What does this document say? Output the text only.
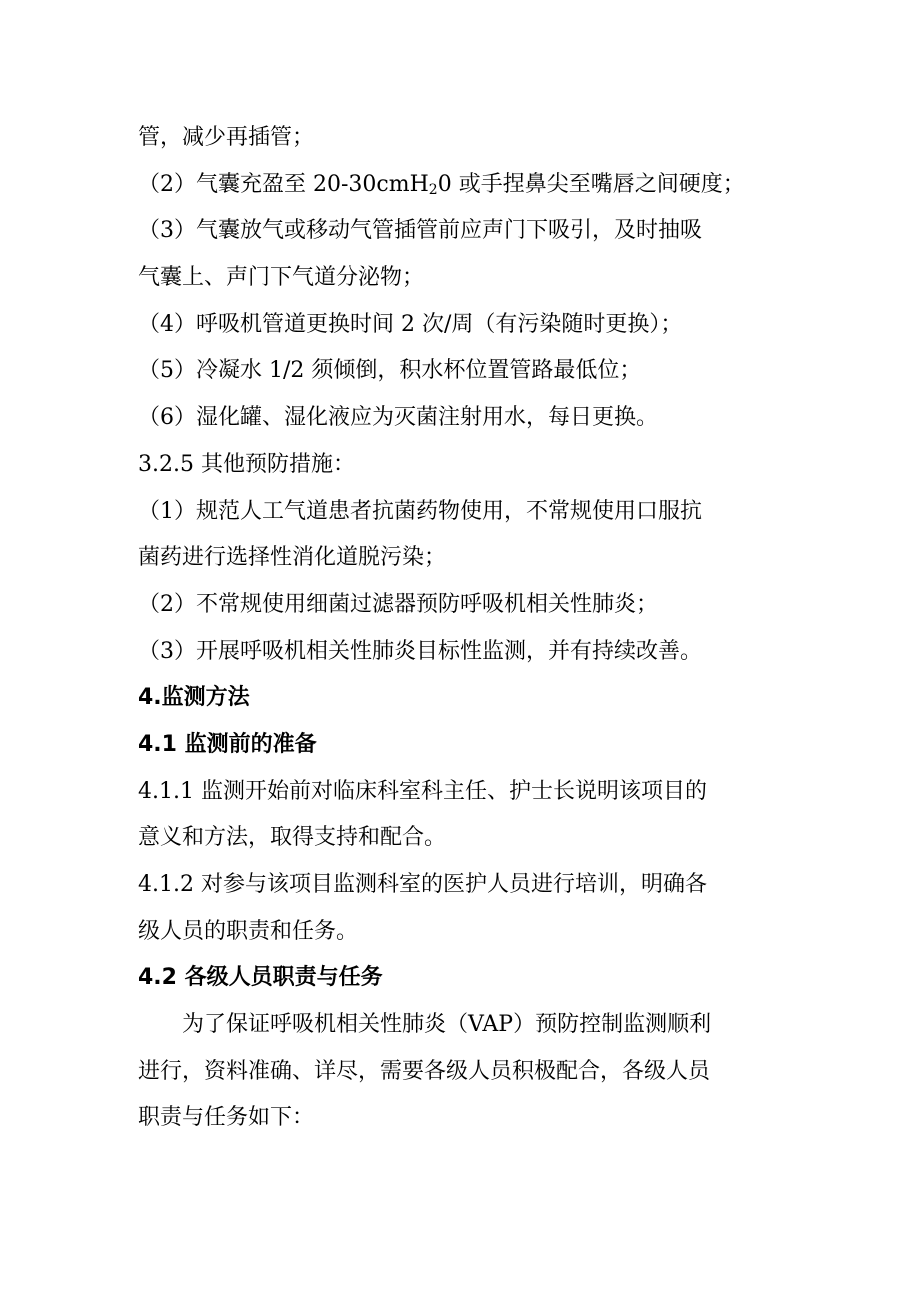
管，减少再插管；
（2）气囊充盈至 20-30cmH$_2$0 或手捏鼻尖至嘴唇之间硬度；
（3）气囊放气或移动气管插管前应声门下吸引，及时抽吸
气囊上、声门下气道分泌物；
（4）呼吸机管道更换时间 2 次/周（有污染随时更换）；
（5）冷凝水 1/2 须倾倒，积水杯位置管路最低位；
（6）湿化罐、湿化液应为灭菌注射用水，每日更换。
3.2.5 其他预防措施：
（1）规范人工气道患者抗菌药物使用，不常规使用口服抗
菌药进行选择性消化道脱污染；
（2）不常规使用细菌过滤器预防呼吸机相关性肺炎；
（3）开展呼吸机相关性肺炎目标性监测，并有持续改善。
4.监测方法
4.1 监测前的准备
4.1.1 监测开始前对临床科室科主任、护士长说明该项目的
意义和方法，取得支持和配合。
4.1.2 对参与该项目监测科室的医护人员进行培训，明确各
级人员的职责和任务。
4.2 各级人员职责与任务
为了保证呼吸机相关性肺炎（VAP）预防控制监测顺利
进行，资料准确、详尽，需要各级人员积极配合，各级人员
职责与任务如下：
